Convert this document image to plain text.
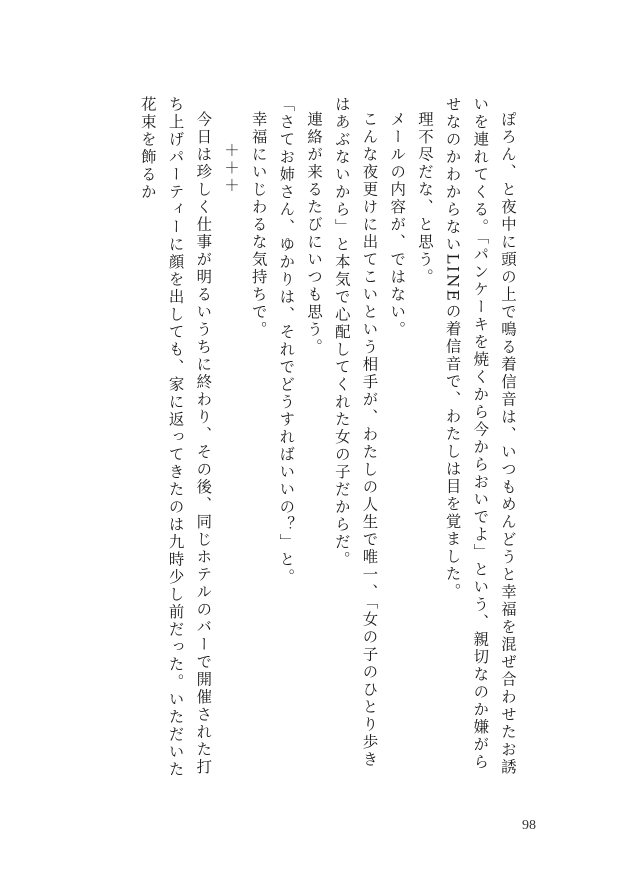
ぽろん、と夜中に頭の上で鳴る着信音は、いつもめんどうと幸福を混ぜ合わせたお誘いを連れてくる。「パンケーキを焼くから今からおいでよ」という、親切なのか嫌がらせなのかわからないLINEの着信音で、わたしは目を覚ました。

理不尽だな、と思う。

メールの内容が、ではない。

こんな夜更けに出てこいという相手が、わたしの人生で唯一、「女の子のひとり歩きはあぶないから」と本気で心配してくれた女の子だからだ。

連絡が来るたびにいつも思う。

「さてお姉さん、ゆかりは、それでどうすればいいの？」と。

幸福にいじわるな気持ちで。

＋＋＋

今日は珍しく仕事が明るいうちに終わり、その後、同じホテルのバーで開催された打ち上げパーティーに顔を出しても、家に返ってきたのは九時少し前だった。いただいた花束を飾るか

98
